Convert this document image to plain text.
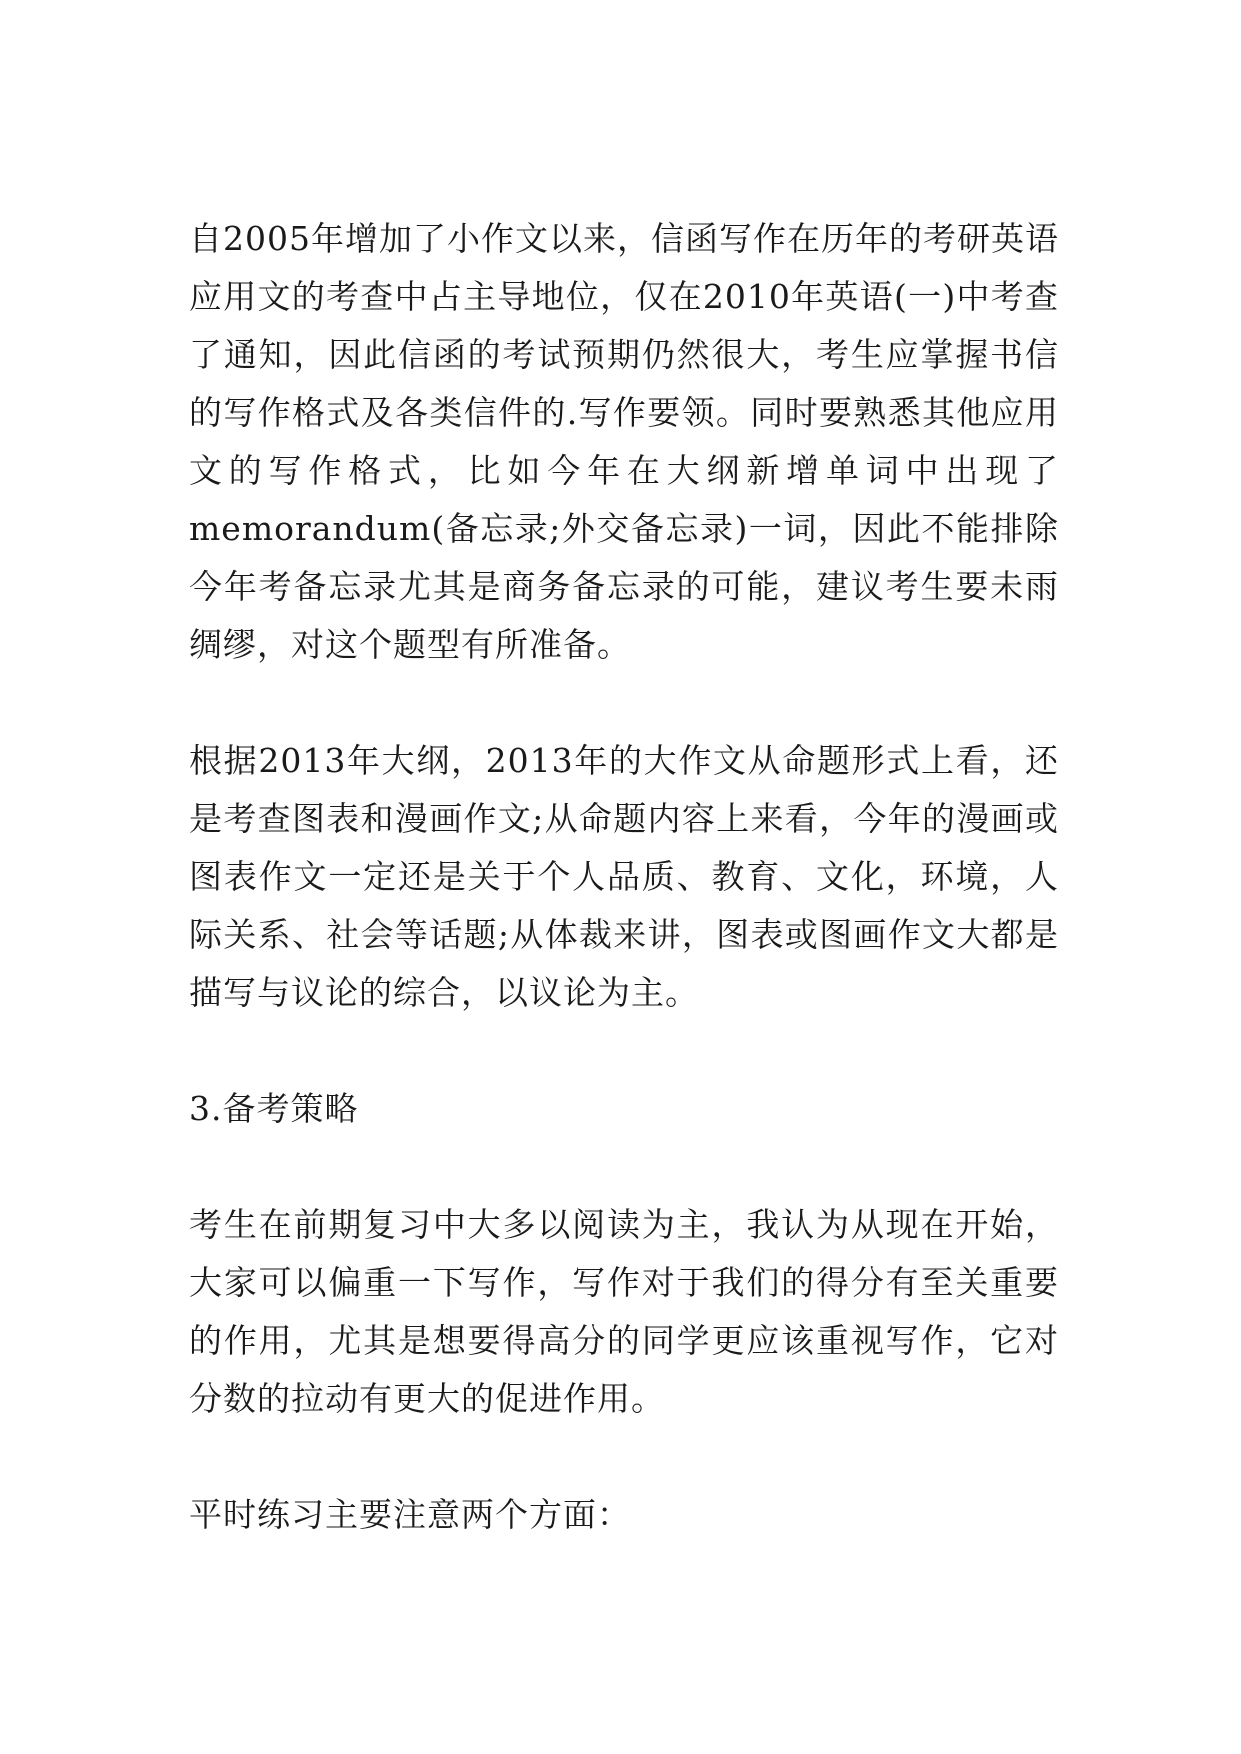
自2005年增加了小作文以来，信函写作在历年的考研英语应用文的考查中占主导地位，仅在2010年英语(一)中考查了通知，因此信函的考试预期仍然很大，考生应掌握书信的写作格式及各类信件的.写作要领。同时要熟悉其他应用文的写作格式，比如今年在大纲新增单词中出现了memorandum(备忘录;外交备忘录)一词，因此不能排除今年考备忘录尤其是商务备忘录的可能，建议考生要未雨绸缪，对这个题型有所准备。

根据2013年大纲，2013年的大作文从命题形式上看，还是考查图表和漫画作文;从命题内容上来看，今年的漫画或图表作文一定还是关于个人品质、教育、文化，环境，人际关系、社会等话题;从体裁来讲，图表或图画作文大都是描写与议论的综合，以议论为主。

3.备考策略

考生在前期复习中大多以阅读为主，我认为从现在开始，大家可以偏重一下写作，写作对于我们的得分有至关重要的作用，尤其是想要得高分的同学更应该重视写作，它对分数的拉动有更大的促进作用。

平时练习主要注意两个方面：
